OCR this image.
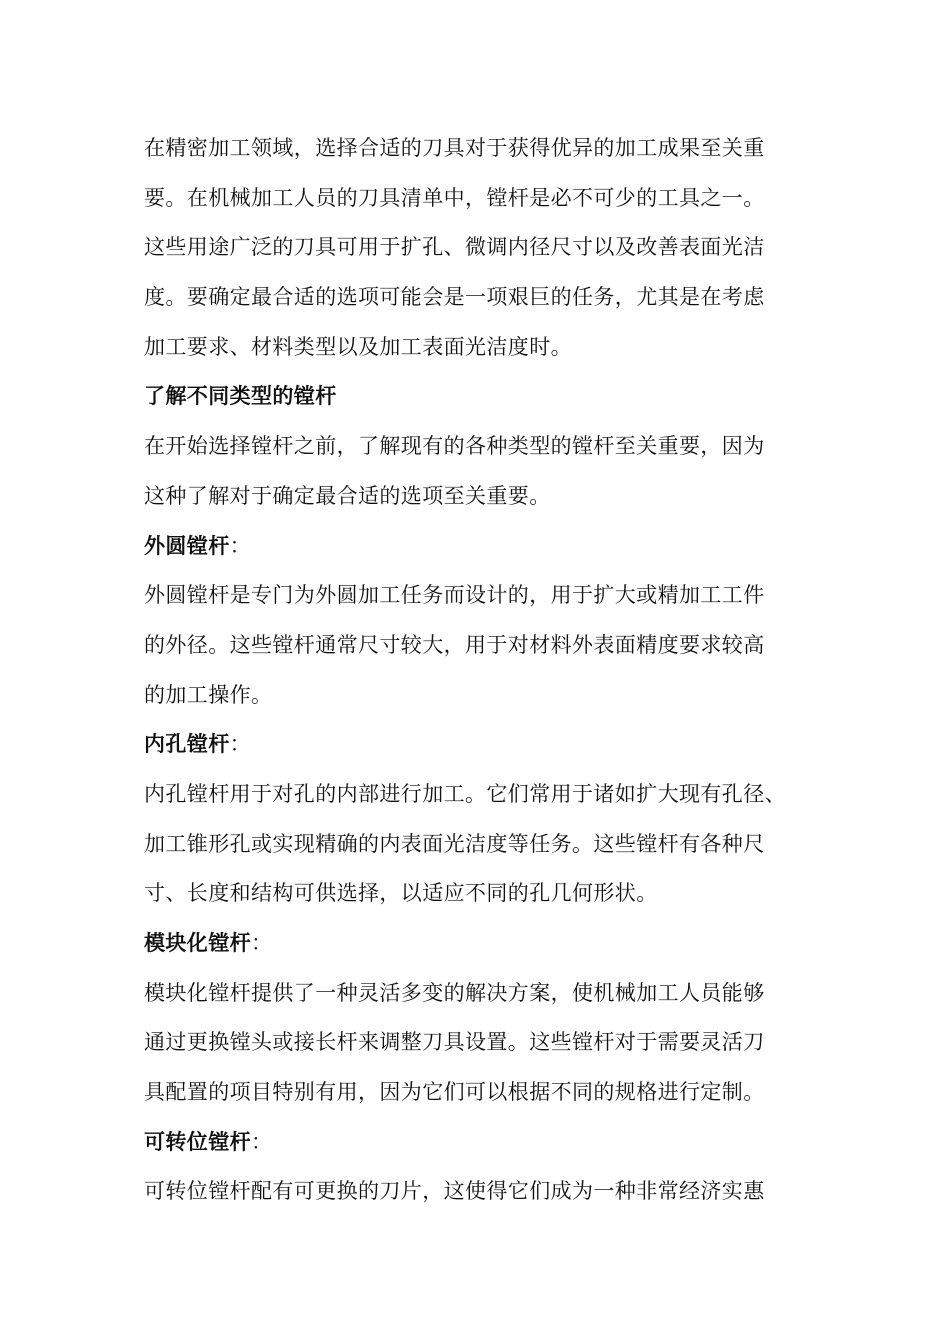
在精密加工领域，选择合适的刀具对于获得优异的加工成果至关重
要。在机械加工人员的刀具清单中，镗杆是必不可少的工具之一。
这些用途广泛的刀具可用于扩孔、微调内径尺寸以及改善表面光洁
度。要确定最合适的选项可能会是一项艰巨的任务，尤其是在考虑
加工要求、材料类型以及加工表面光洁度时。
了解不同类型的镗杆
在开始选择镗杆之前，了解现有的各种类型的镗杆至关重要，因为
这种了解对于确定最合适的选项至关重要。
外圆镗杆：
外圆镗杆是专门为外圆加工任务而设计的，用于扩大或精加工工件
的外径。这些镗杆通常尺寸较大，用于对材料外表面精度要求较高
的加工操作。
内孔镗杆：
内孔镗杆用于对孔的内部进行加工。它们常用于诸如扩大现有孔径、
加工锥形孔或实现精确的内表面光洁度等任务。这些镗杆有各种尺
寸、长度和结构可供选择，以适应不同的孔几何形状。
模块化镗杆：
模块化镗杆提供了一种灵活多变的解决方案，使机械加工人员能够
通过更换镗头或接长杆来调整刀具设置。这些镗杆对于需要灵活刀
具配置的项目特别有用，因为它们可以根据不同的规格进行定制。
可转位镗杆：
可转位镗杆配有可更换的刀片，这使得它们成为一种非常经济实惠
